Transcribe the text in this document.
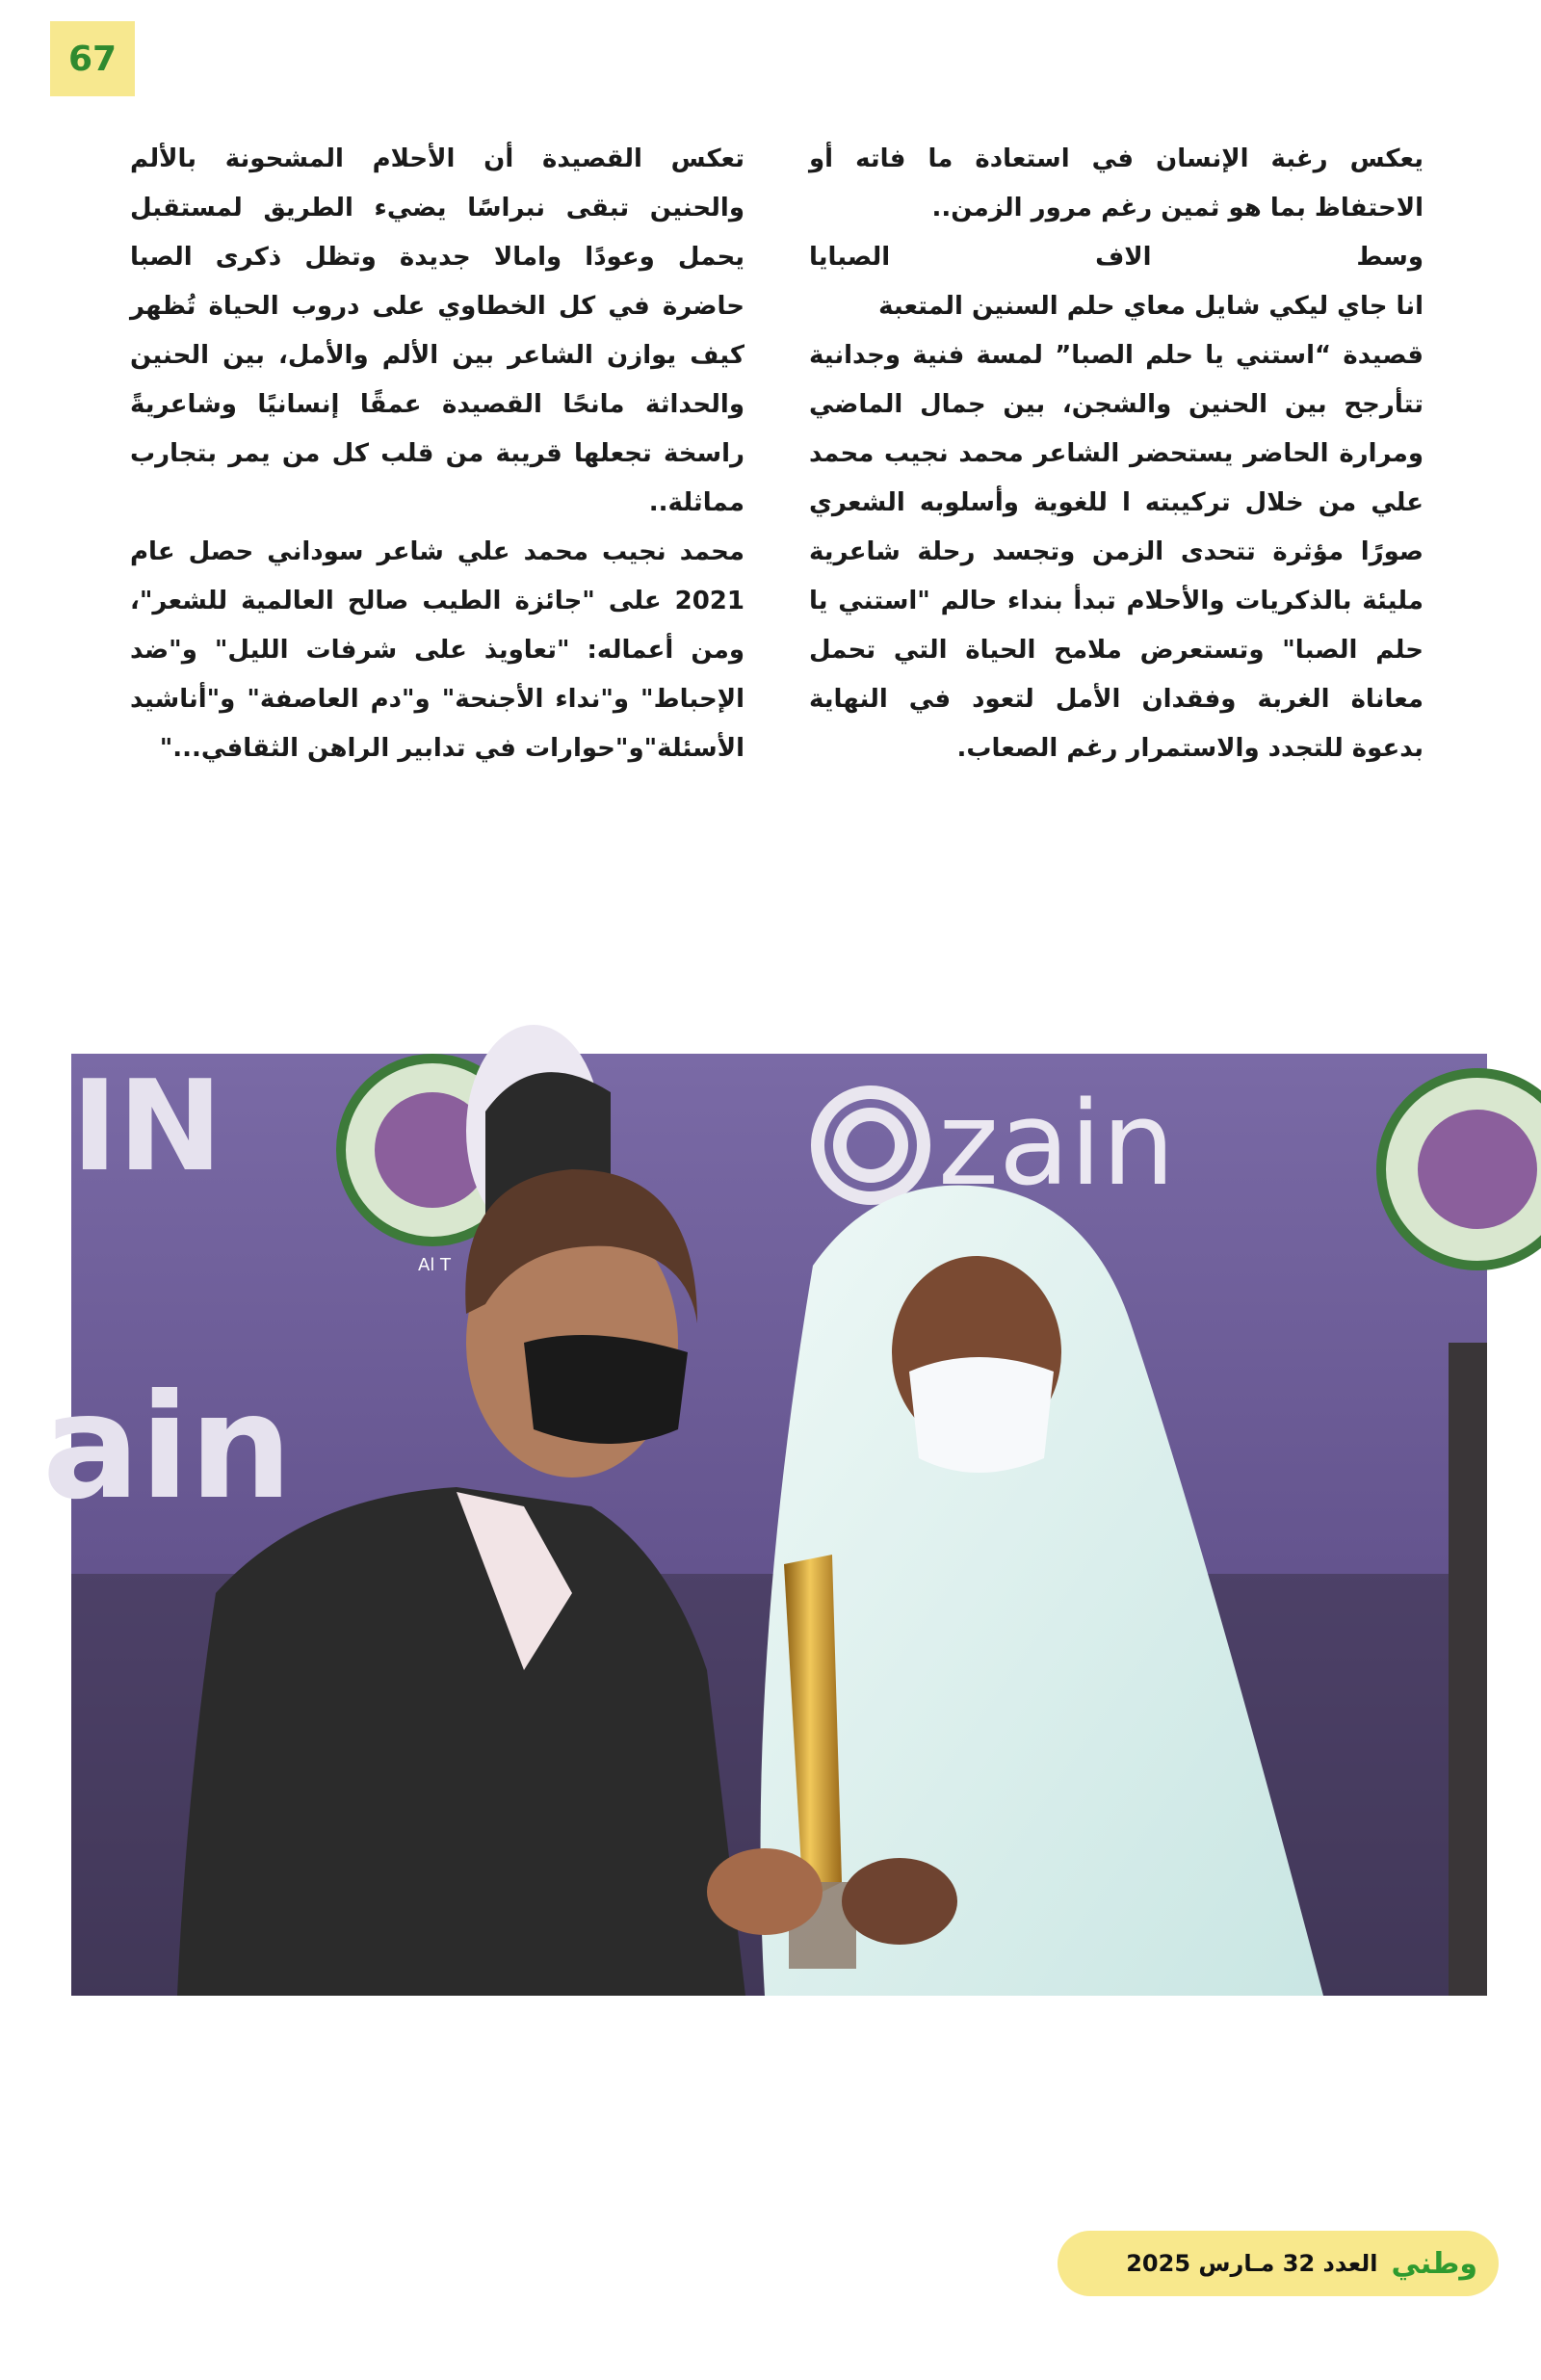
67

يعكس رغبة الإنسان في استعادة ما فاته أو الاحتفاظ بما هو ثمين رغم مرور الزمن..

وسط الاف الصبايا

انا جاي ليكي شايل معاي حلم السنين المتعبة

قصيدة “استني يا حلم الصبا” لمسة فنية وجدانية تتأرجح بين الحنين والشجن، بين جمال الماضي ومرارة الحاضر يستحضر الشاعر محمد نجيب محمد علي من خلال تركيبته ا للغوية وأسلوبه الشعري صورًا مؤثرة تتحدى الزمن وتجسد رحلة شاعرية مليئة بالذكريات والأحلام تبدأ بنداء حالم "استني يا حلم الصبا" وتستعرض ملامح الحياة التي تحمل معاناة الغربة وفقدان الأمل لتعود في النهاية بدعوة للتجدد والاستمرار رغم الصعاب.

تعكس القصيدة أن الأحلام المشحونة بالألم والحنين تبقى نبراسًا يضيء الطريق لمستقبل يحمل وعودًا واماﻻ جديدة وتظل ذكرى الصبا حاضرة في كل الخطاوي على دروب الحياة تُظهر كيف يوازن الشاعر بين الألم والأمل، بين الحنين والحداثة مانحًا القصيدة عمقًا إنسانيًا وشاعريةً راسخة تجعلها قريبة من قلب كل من يمر بتجارب مماثلة..

محمد نجيب محمد علي شاعر سوداني حصل عام 2021 على "جائزة الطيب صالح العالمية للشعر"، ومن أعماله: "تعاويذ على شرفات الليل" و"ضد الإحباط" و"نداء الأجنحة" و"دم العاصفة" و"أناشيد الأسئلة"و"حوارات في تدابير الراهن الثقافي..."

Al T
zain
IN
ain
وطني
العدد 32 مـارس 2025
